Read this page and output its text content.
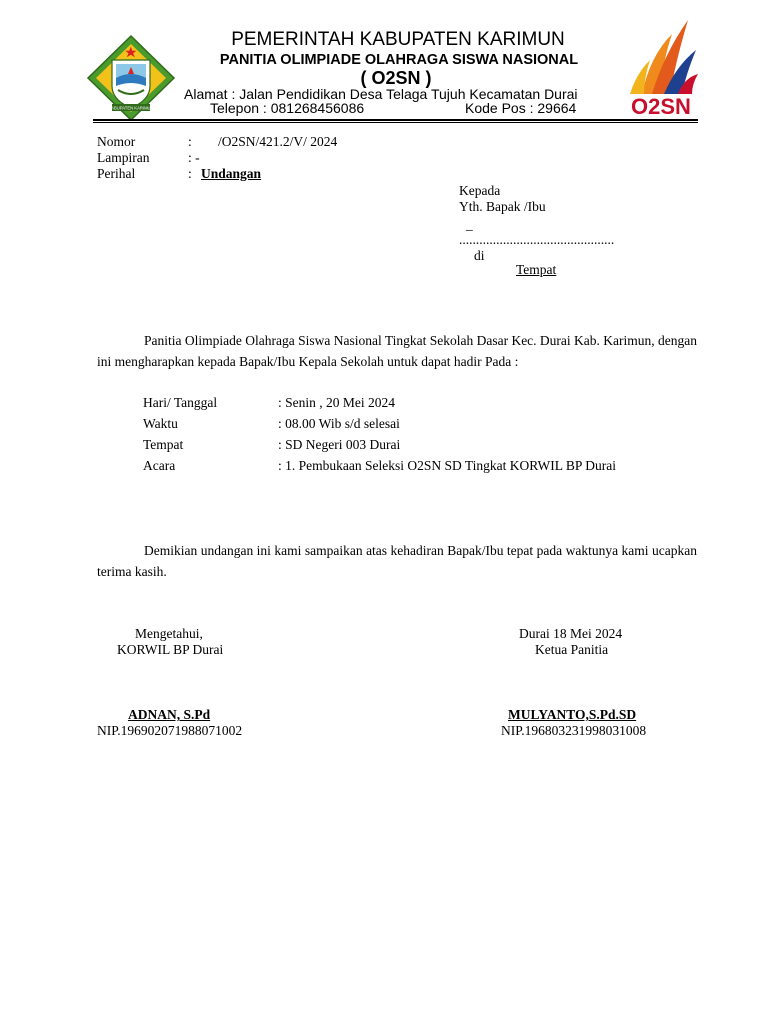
KABUPATEN KARIMUN
PEMERINTAH KABUPATEN KARIMUN
PANITIA OLIMPIADE OLAHRAGA SISWA NASIONAL
( O2SN )
Alamat : Jalan Pendidikan Desa Telaga Tujuh Kecamatan Durai
Telepon : 081268456086	Kode Pos : 29664 O2SN
Nomor	: /O2SN/421.2/V/ 2024
Lampiran	: -
Perihal	: Undangan
Kepada
Yth. Bapak /Ibu
_
..............................................
di
Tempat
Panitia Olimpiade Olahraga Siswa Nasional Tingkat Sekolah Dasar Kec. Durai Kab. Karimun, dengan ini mengharapkan kepada Bapak/Ibu Kepala Sekolah untuk dapat hadir Pada :
Hari/ Tanggal	: Senin , 20 Mei 2024
Waktu	: 08.00 Wib s/d selesai
Tempat	: SD Negeri 003 Durai
Acara	: 1. Pembukaan Seleksi O2SN SD Tingkat KORWIL BP Durai
Demikian undangan ini kami sampaikan atas kehadiran Bapak/Ibu tepat pada waktunya kami ucapkan terima kasih.
Mengetahui,
KORWIL BP Durai
ADNAN, S.Pd
NIP.196902071988071002
Durai 18 Mei 2024
Ketua Panitia
MULYANTO,S.Pd.SD
NIP.196803231998031008
